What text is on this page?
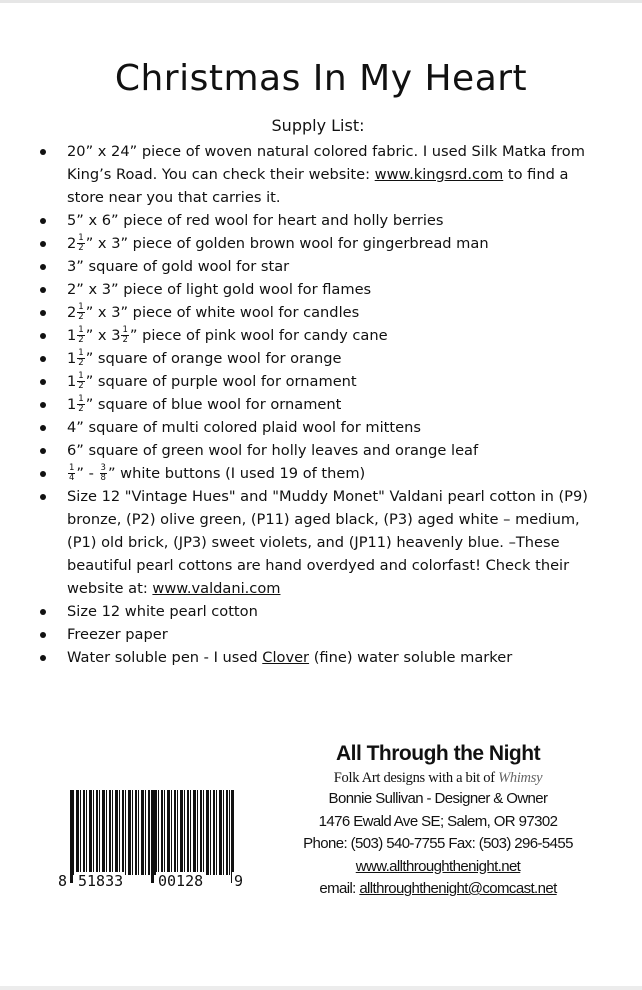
Christmas In My Heart
Supply List:
20” x 24” piece of woven natural colored fabric. I used Silk Matka from King’s Road. You can check their website: www.kingsrd.com to find a store near you that carries it.
5” x 6” piece of red wool for heart and holly berries
$2 \frac{1}{2}$ ” x 3” piece of golden brown wool for gingerbread man
3” square of gold wool for star
2” x 3” piece of light gold wool for flames
$2 \frac{1}{2}$ ” x 3” piece of white wool for candles
$1 \frac{1}{2}$ ” x $3 \frac{1}{2}$ ” piece of pink wool for candy cane
$1 \frac{1}{2}$ ” square of orange wool for orange
$1 \frac{1}{2}$ ” square of purple wool for ornament
$1 \frac{1}{2}$ ” square of blue wool for ornament
4” square of multi colored plaid wool for mittens
6” square of green wool for holly leaves and orange leaf
$\frac{1}{4}$ ” - $\frac{3}{8}$ ” white buttons (I used 19 of them)
Size 12 "Vintage Hues" and "Muddy Monet" Valdani pearl cotton in (P9) bronze, (P2) olive green, (P11) aged black, (P3) aged white – medium, (P1) old brick, (JP3) sweet violets, and (JP11) heavenly blue. –These beautiful pearl cottons are hand overdyed and colorfast! Check their website at: www.valdani.com
Size 12 white pearl cotton
Freezer paper
Water soluble pen - I used Clover (fine) water soluble marker
8 51833 00128 9
All Through the Night
Folk Art designs with a bit of Whimsy
Bonnie Sullivan - Designer & Owner
1476 Ewald Ave SE; Salem, OR 97302
Phone: (503) 540-7755 Fax: (503) 296-5455
www.allthroughthenight.net
email: allthroughthenight@comcast.net
